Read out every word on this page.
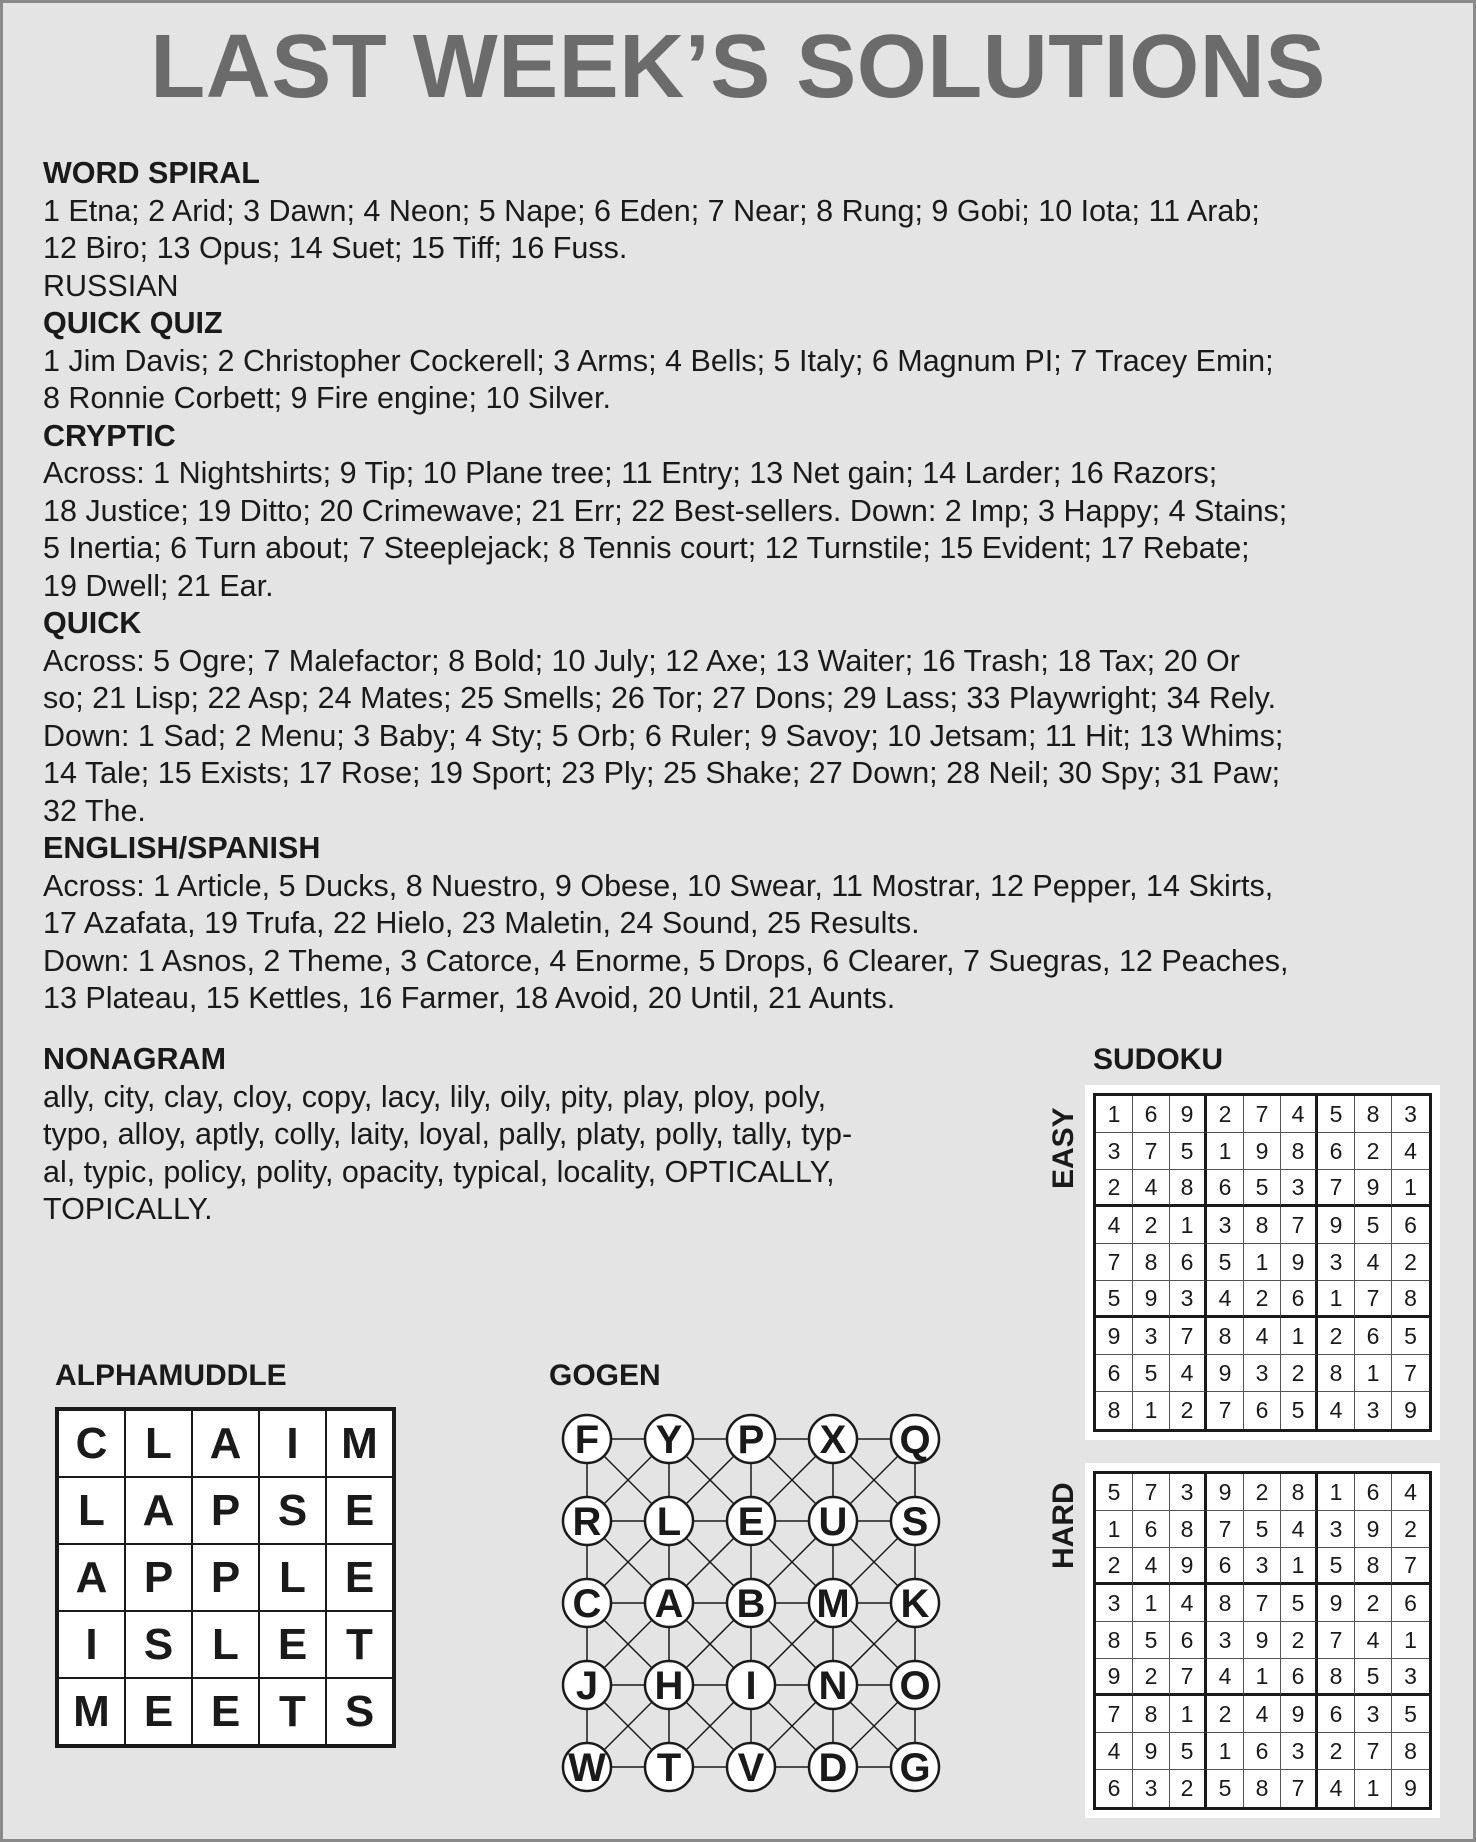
LAST WEEK’S SOLUTIONS
WORD SPIRAL
1 Etna; 2 Arid; 3 Dawn; 4 Neon; 5 Nape; 6 Eden; 7 Near; 8 Rung; 9 Gobi; 10 Iota; 11 Arab;
12 Biro; 13 Opus; 14 Suet; 15 Tiff; 16 Fuss.
RUSSIAN
QUICK QUIZ
1 Jim Davis; 2 Christopher Cockerell; 3 Arms; 4 Bells; 5 Italy; 6 Magnum PI; 7 Tracey Emin;
8 Ronnie Corbett; 9 Fire engine; 10 Silver.
CRYPTIC
Across: 1 Nightshirts; 9 Tip; 10 Plane tree; 11 Entry; 13 Net gain; 14 Larder; 16 Razors;
18 Justice; 19 Ditto; 20 Crimewave; 21 Err; 22 Best-sellers. Down: 2 Imp; 3 Happy; 4 Stains;
5 Inertia; 6 Turn about; 7 Steeplejack; 8 Tennis court; 12 Turnstile; 15 Evident; 17 Rebate;
19 Dwell; 21 Ear.
QUICK
Across: 5 Ogre; 7 Malefactor; 8 Bold; 10 July; 12 Axe; 13 Waiter; 16 Trash; 18 Tax; 20 Or
so; 21 Lisp; 22 Asp; 24 Mates; 25 Smells; 26 Tor; 27 Dons; 29 Lass; 33 Playwright; 34 Rely.
Down: 1 Sad; 2 Menu; 3 Baby; 4 Sty; 5 Orb; 6 Ruler; 9 Savoy; 10 Jetsam; 11 Hit; 13 Whims;
14 Tale; 15 Exists; 17 Rose; 19 Sport; 23 Ply; 25 Shake; 27 Down; 28 Neil; 30 Spy; 31 Paw;
32 The.
ENGLISH/SPANISH
Across: 1 Article, 5 Ducks, 8 Nuestro, 9 Obese, 10 Swear, 11 Mostrar, 12 Pepper, 14 Skirts,
17 Azafata, 19 Trufa, 22 Hielo, 23 Maletin, 24 Sound, 25 Results.
Down: 1 Asnos, 2 Theme, 3 Catorce, 4 Enorme, 5 Drops, 6 Clearer, 7 Suegras, 12 Peaches,
13 Plateau, 15 Kettles, 16 Farmer, 18 Avoid, 20 Until, 21 Aunts.
NONAGRAM
ally, city, clay, cloy, copy, lacy, lily, oily, pity, play, ploy, poly,
typo, alloy, aptly, colly, laity, loyal, pally, platy, polly, tally, typ-
al, typic, policy, polity, opacity, typical, locality, OPTICALLY,
TOPICALLY.
ALPHAMUDDLE
C L A	I M
L A P S E
A P P L E
I	S L E T
M E E T S
GOGEN
F Y P X Q
R L E U S
C A B M K
J H I N O
W T V D G
SUDOKU
EASY	1	6	9	2	7	4	5	8	3
3	7	5	1	9	8	6	2	4
2	4	8	6	5	3	7	9	1
4	2	1	3	8	7	9	5	6
7	8	6	5	1	9	3	4	2
5	9	3	4	2	6	1	7	8
9	3	7	8	4	1	2	6	5
6	5	4	9	3	2	8	1	7
8	1	2	7	6	5	4	3	9
HARD	5	7	3	9	2	8	1	6	4
1	6	8	7	5	4	3	9	2
2	4	9	6	3	1	5	8	7
3	1	4	8	7	5	9	2	6
8	5	6	3	9	2	7	4	1
9	2	7	4	1	6	8	5	3
7	8	1	2	4	9	6	3	5
4	9	5	1	6	3	2	7	8
6	3	2	5	8	7	4	1	9
